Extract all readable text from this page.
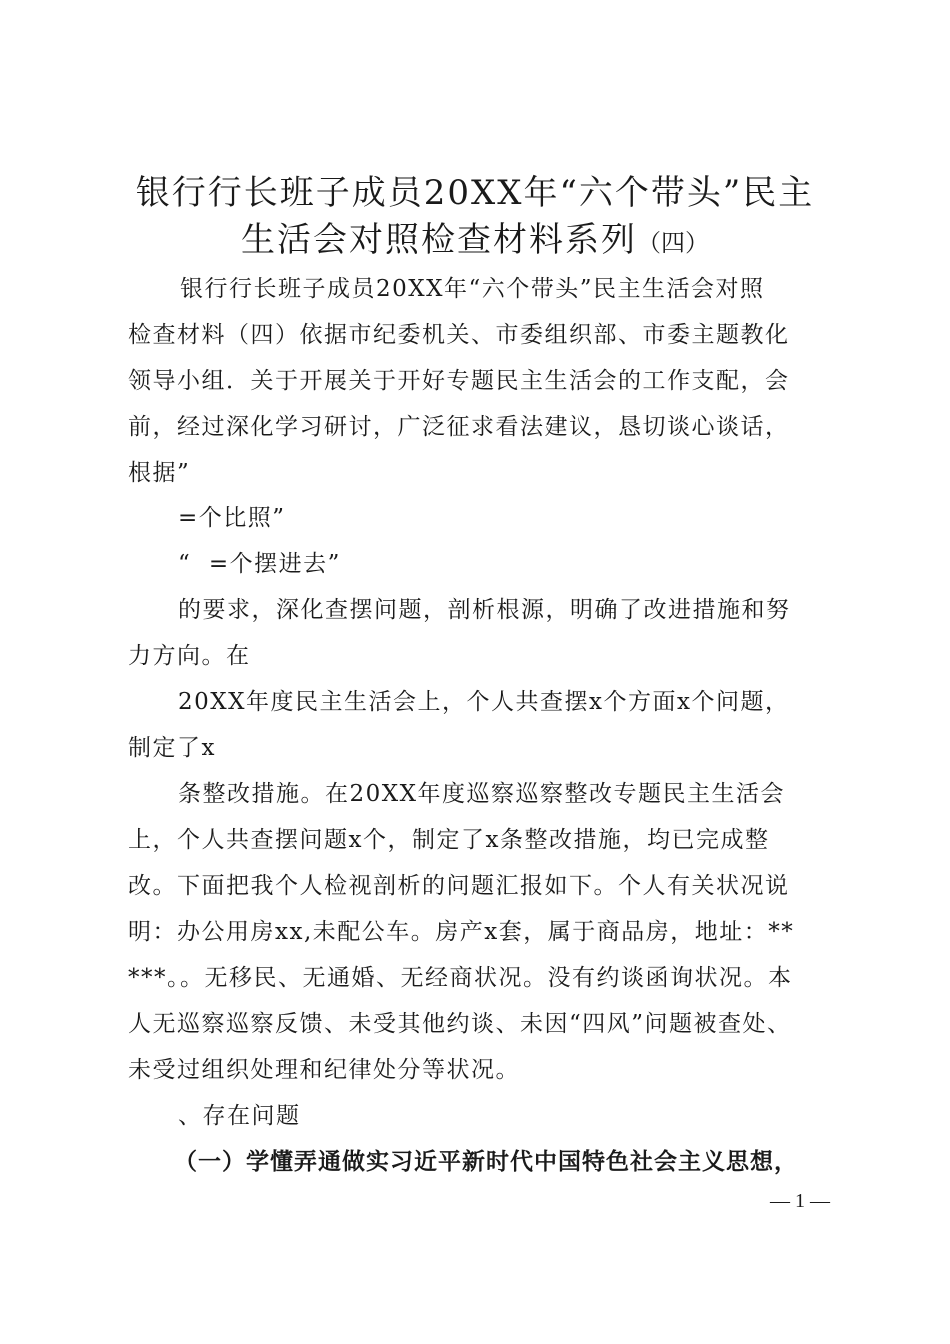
银行行长班子成员20XX年“六个带头”民主
生活会对照检查材料系列（四）

银行行长班子成员20XX年“六个带头”民主生活会对照
检查材料（四）依据市纪委机关、市委组织部、市委主题教化
领导小组．关于开展关于开好专题民主生活会的工作支配，会
前，经过深化学习研讨，广泛征求看法建议，恳切谈心谈话，
根据”

=个比照”

“  =个摆进去”

的要求，深化查摆问题，剖析根源，明确了改进措施和努
力方向。在

20XX年度民主生活会上，个人共查摆x个方面x个问题，
制定了x

条整改措施。在20XX年度巡察巡察整改专题民主生活会
上，个人共查摆问题x个，制定了x条整改措施，均已完成整
改。下面把我个人检视剖析的问题汇报如下。个人有关状况说
明：办公用房xx,未配公车。房产x套，属于商品房，地址：**
***。。无移民、无通婚、无经商状况。没有约谈函询状况。本
人无巡察巡察反馈、未受其他约谈、未因“四风”问题被查处、
未受过组织处理和纪律处分等状况。

、存在问题

（一）学懂弄通做实习近平新时代中国特色社会主义思想，

— 1 —
